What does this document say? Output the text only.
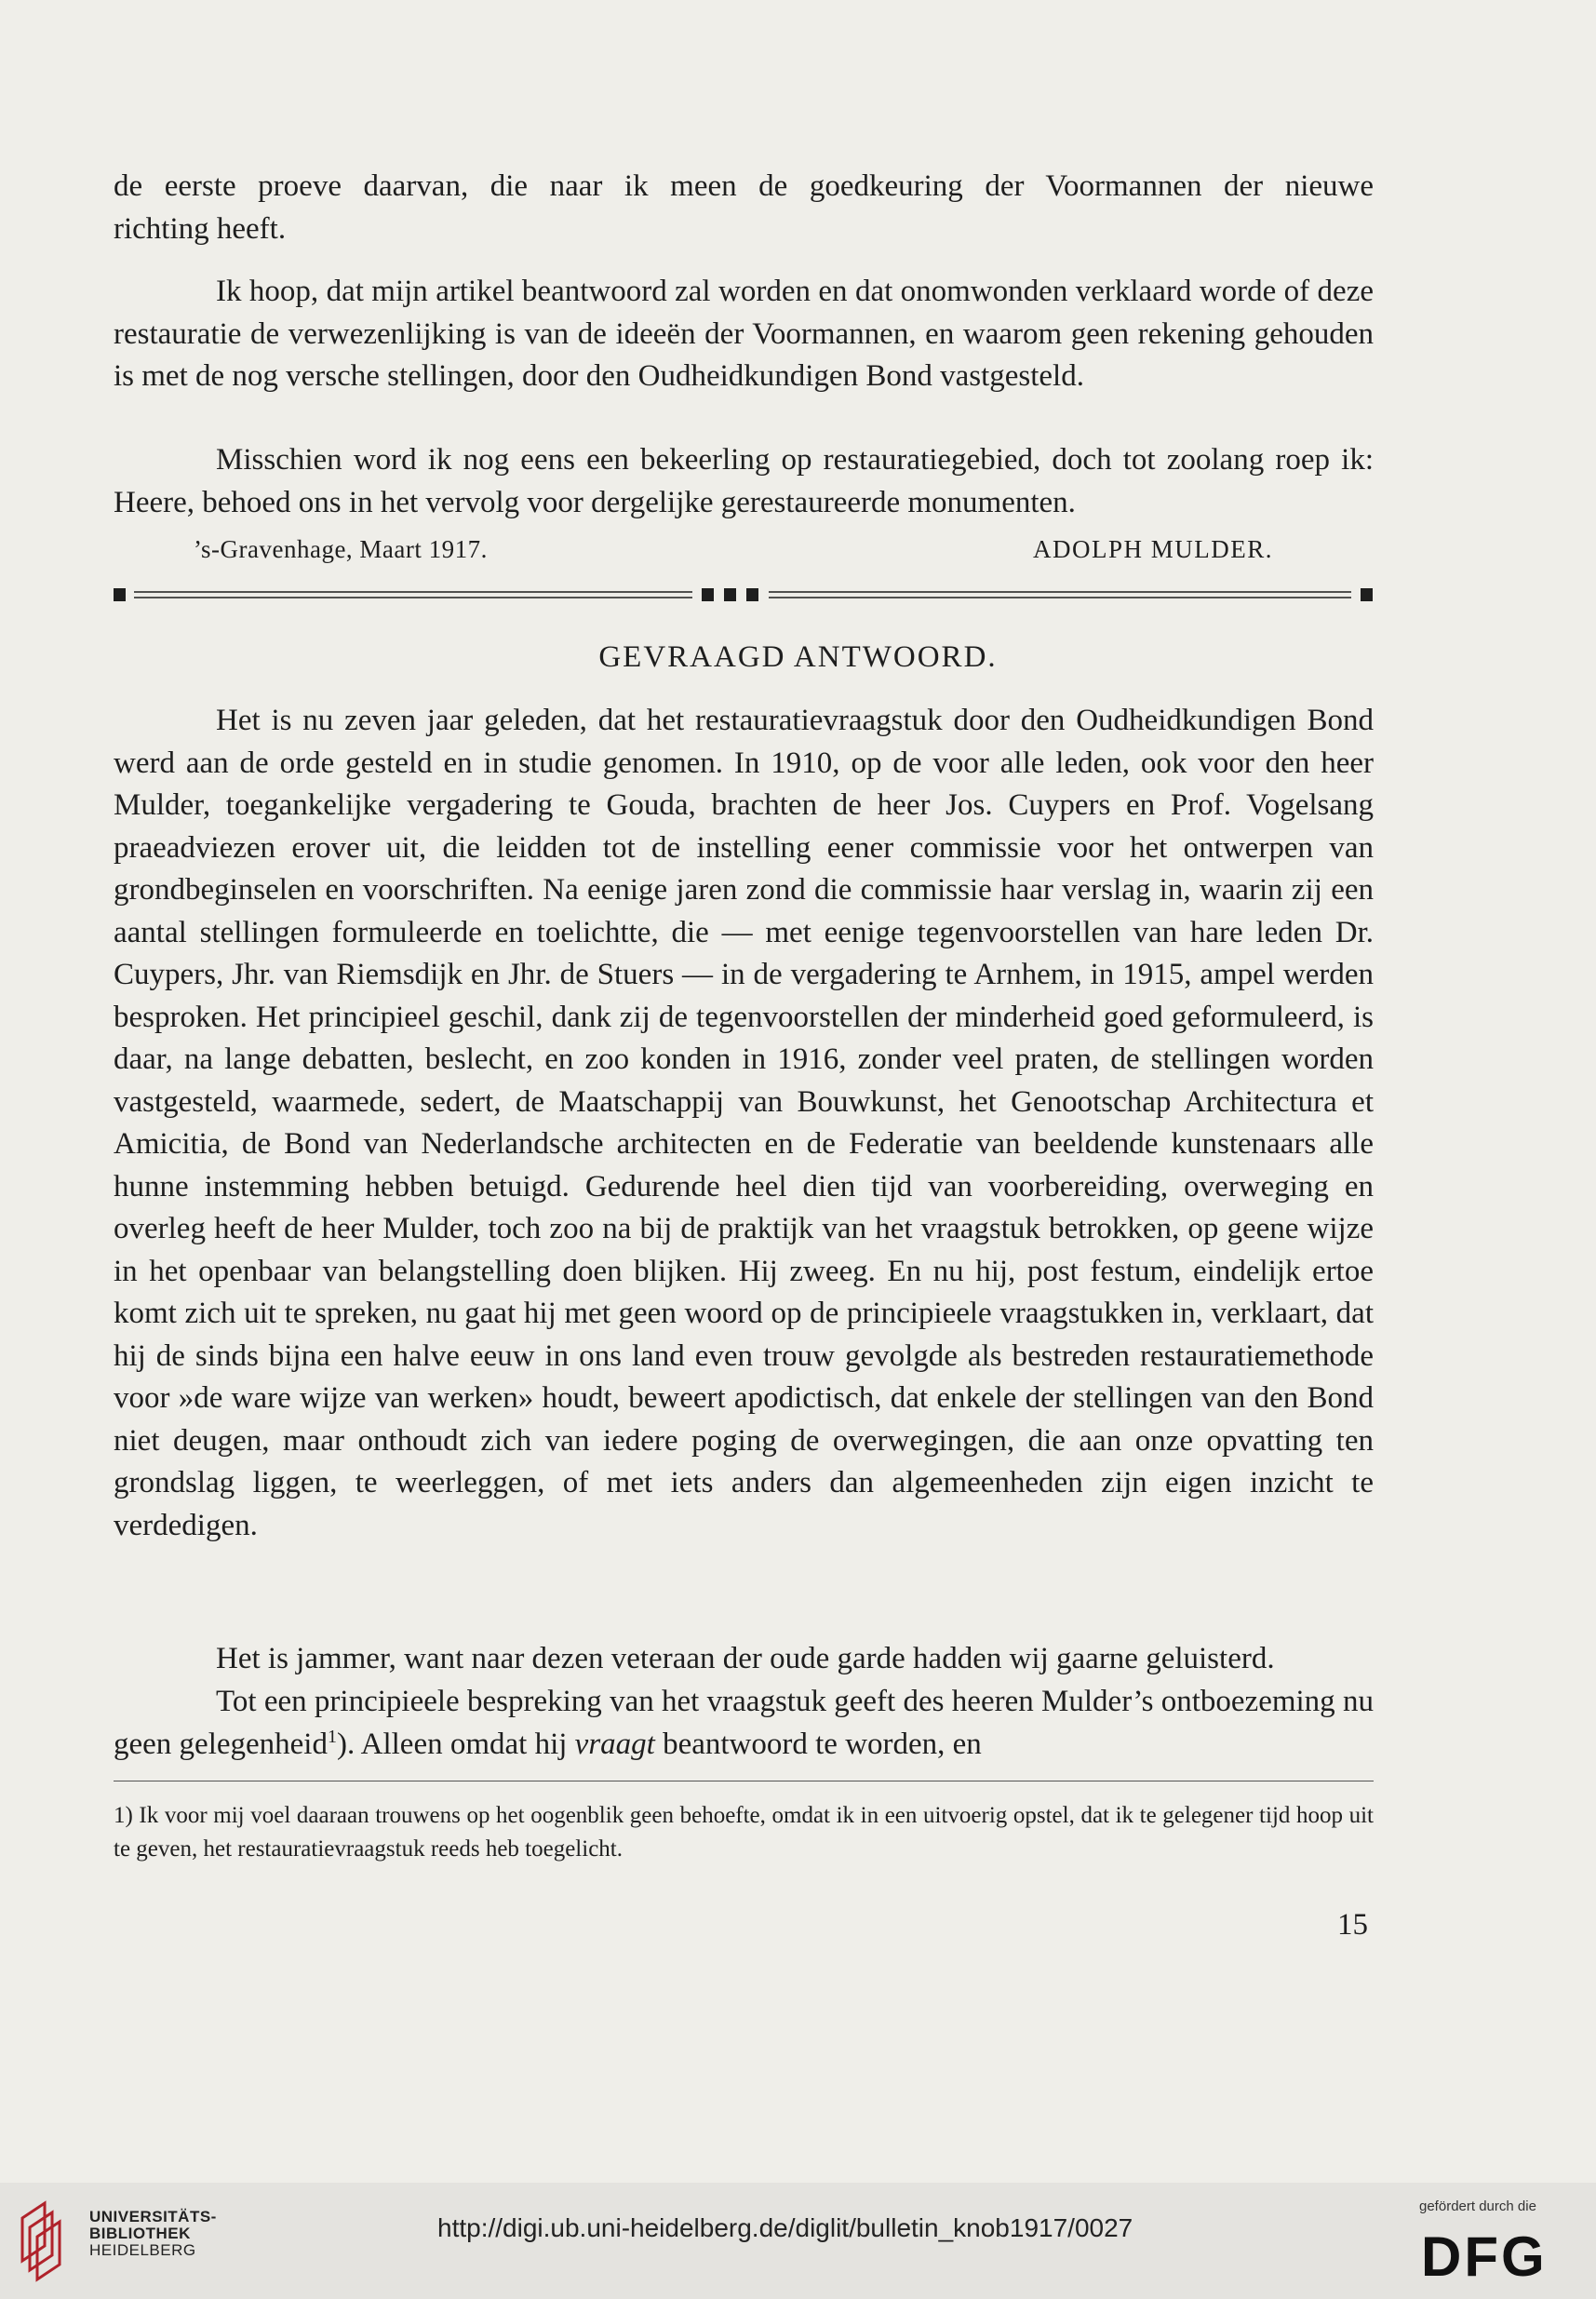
de eerste proeve daarvan, die naar ik meen de goedkeuring der Voormannen der nieuwe

richting heeft.

Ik hoop, dat mijn artikel beantwoord zal worden en dat onomwonden verklaard worde of deze restauratie de verwezenlijking is van de ideeën der Voormannen, en waarom geen rekening gehouden is met de nog versche stellingen, door den Oudheidkundigen Bond vastgesteld.

Misschien word ik nog eens een bekeerling op restauratiegebied, doch tot zoolang roep ik: Heere, behoed ons in het vervolg voor dergelijke gerestaureerde monumenten.

’s-Gravenhage, Maart 1917.	ADOLPH MULDER.
GEVRAAGD ANTWOORD.

Het is nu zeven jaar geleden, dat het restauratievraagstuk door den Oudheidkundigen Bond werd aan de orde gesteld en in studie genomen. In 1910, op de voor alle leden, ook voor den heer Mulder, toegankelijke vergadering te Gouda, brachten de heer Jos. Cuypers en Prof. Vogelsang praeadviezen erover uit, die leidden tot de instelling eener commissie voor het ontwerpen van grondbeginselen en voorschriften. Na eenige jaren zond die commissie haar verslag in, waarin zij een aantal stellingen formuleerde en toelichtte, die — met eenige tegenvoorstellen van hare leden Dr. Cuypers, Jhr. van Riemsdijk en Jhr. de Stuers — in de vergadering te Arnhem, in 1915, ampel werden besproken. Het principieel geschil, dank zij de tegenvoorstellen der minderheid goed geformuleerd, is daar, na lange debatten, beslecht, en zoo konden in 1916, zonder veel praten, de stellingen worden vastgesteld, waarmede, sedert, de Maatschappij van Bouwkunst, het Genootschap Architectura et Amicitia, de Bond van Nederlandsche architecten en de Federatie van beeldende kunstenaars alle hunne instemming hebben betuigd. Gedurende heel dien tijd van voorbereiding, overweging en overleg heeft de heer Mulder, toch zoo na bij de praktijk van het vraagstuk betrokken, op geene wijze in het openbaar van belangstelling doen blijken. Hij zweeg. En nu hij, post festum, eindelijk ertoe komt zich uit te spreken, nu gaat hij met geen woord op de principieele vraagstukken in, verklaart, dat hij de sinds bijna een halve eeuw in ons land even trouw gevolgde als bestreden restauratiemethode voor »de ware wijze van werken» houdt, beweert apodictisch, dat enkele der stellingen van den Bond niet deugen, maar onthoudt zich van iedere poging de overwegingen, die aan onze opvatting ten grondslag liggen, te weerleggen, of met iets anders dan algemeenheden zijn eigen inzicht te verdedigen.

Het is jammer, want naar dezen veteraan der oude garde hadden wij gaarne geluisterd.

Tot een principieele bespreking van het vraagstuk geeft des heeren Mulder’s ontboezeming nu geen gelegenheid$^1$). Alleen omdat hij vraagt beantwoord te worden, en

1) Ik voor mij voel daaraan trouwens op het oogenblik geen behoefte, omdat ik in een uitvoerig opstel, dat ik te gelegener tijd hoop uit te geven, het restauratievraagstuk reeds heb toegelicht.

15
UNIVERSITÄTS-
BIBLIOTHEK
HEIDELBERG
http://digi.ub.uni-heidelberg.de/diglit/bulletin_knob1917/0027
gefördert durch die
DFG
